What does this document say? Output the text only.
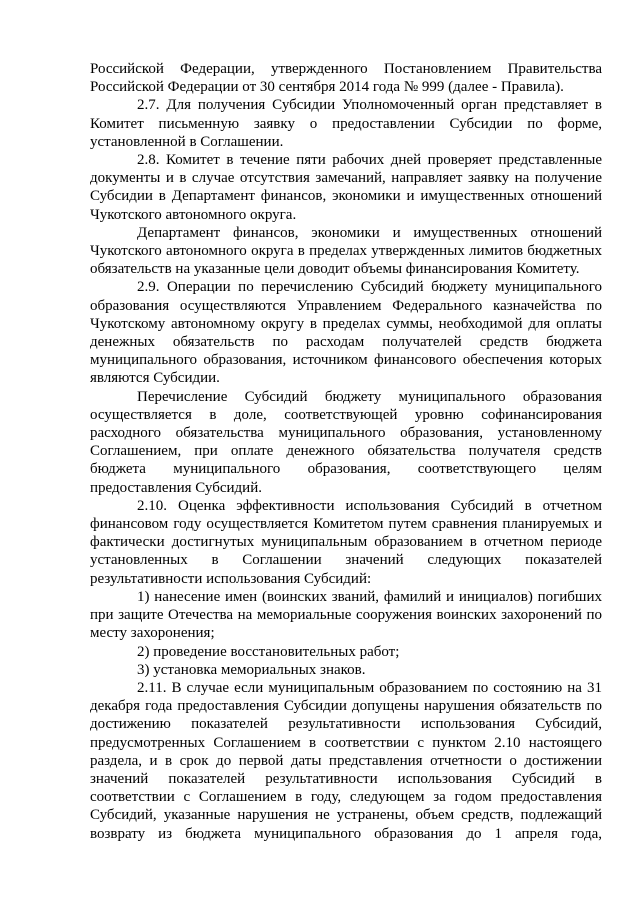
Российской Федерации, утвержденного Постановлением Правительства Российской Федерации от 30 сентября 2014 года № 999 (далее - Правила).

2.7. Для получения Субсидии Уполномоченный орган представляет в Комитет письменную заявку о предоставлении Субсидии по форме, установленной в Соглашении.

2.8. Комитет в течение пяти рабочих дней проверяет представленные документы и в случае отсутствия замечаний, направляет заявку на получение Субсидии в Департамент финансов, экономики и имущественных отношений Чукотского автономного округа.

Департамент финансов, экономики и имущественных отношений Чукотского автономного округа в пределах утвержденных лимитов бюджетных обязательств на указанные цели доводит объемы финансирования Комитету.

2.9. Операции по перечислению Субсидий бюджету муниципального образования осуществляются Управлением Федерального казначейства по Чукотскому автономному округу в пределах суммы, необходимой для оплаты денежных обязательств по расходам получателей средств бюджета муниципального образования, источником финансового обеспечения которых являются Субсидии.

Перечисление Субсидий бюджету муниципального образования осуществляется в доле, соответствующей уровню софинансирования расходного обязательства муниципального образования, установленному Соглашением, при оплате денежного обязательства получателя средств бюджета муниципального образования, соответствующего целям предоставления Субсидий.

2.10. Оценка эффективности использования Субсидий в отчетном финансовом году осуществляется Комитетом путем сравнения планируемых и фактически достигнутых муниципальным образованием в отчетном периоде установленных в Соглашении значений следующих показателей результативности использования Субсидий:

1) нанесение имен (воинских званий, фамилий и инициалов) погибших при защите Отечества на мемориальные сооружения воинских захоронений по месту захоронения;

2) проведение восстановительных работ;

3) установка мемориальных знаков.

2.11. В случае если муниципальным образованием по состоянию на 31 декабря года предоставления Субсидии допущены нарушения обязательств по достижению показателей результативности использования Субсидий, предусмотренных Соглашением в соответствии с пунктом 2.10 настоящего раздела, и в срок до первой даты представления отчетности о достижении значений показателей результативности использования Субсидий в соответствии с Соглашением в году, следующем за годом предоставления Субсидий, указанные нарушения не устранены, объем средств, подлежащий возврату из бюджета муниципального образования до 1 апреля года,
